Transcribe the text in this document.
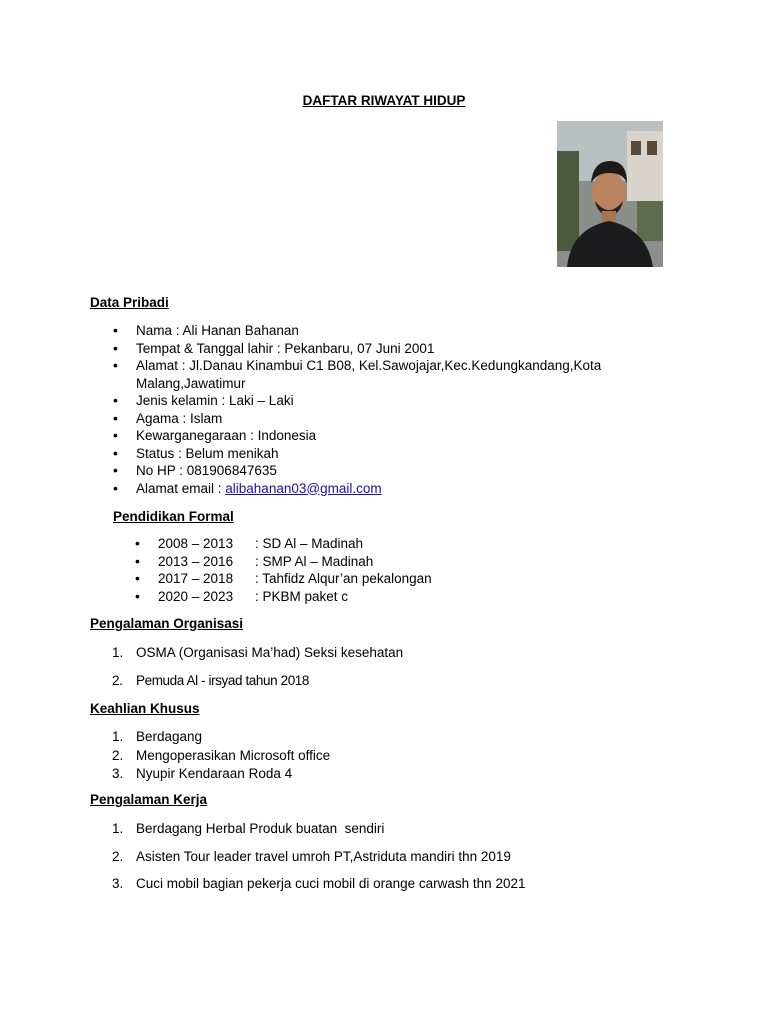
DAFTAR RIWAYAT HIDUP
Data Pribadi
• Nama : Ali Hanan Bahanan
• Tempat & Tanggal lahir : Pekanbaru, 07 Juni 2001
• Alamat : Jl.Danau Kinambui C1 B08, Kel.Sawojajar,Kec.Kedungkandang,Kota
Malang,Jawatimur
• Jenis kelamin : Laki – Laki
• Agama : Islam
• Kewarganegaraan : Indonesia
• Status : Belum menikah
• No HP : 081906847635
• Alamat email : alibahanan03@gmail.com
Pendidikan Formal
• 2008 – 2013 : SD Al – Madinah
• 2013 – 2016 : SMP Al – Madinah
• 2017 – 2018 : Tahfidz Alqur’an pekalongan
• 2020 – 2023 : PKBM paket c
Pengalaman Organisasi
1. OSMA (Organisasi Ma’had) Seksi kesehatan
2. Pemuda Al - irsyad tahun 2018
Keahlian Khusus
1. Berdagang
2. Mengoperasikan Microsoft office
3. Nyupir Kendaraan Roda 4
Pengalaman Kerja
1. Berdagang Herbal Produk buatan  sendiri
2. Asisten Tour leader travel umroh PT,Astriduta mandiri thn 2019
3. Cuci mobil bagian pekerja cuci mobil di orange carwash thn 2021
